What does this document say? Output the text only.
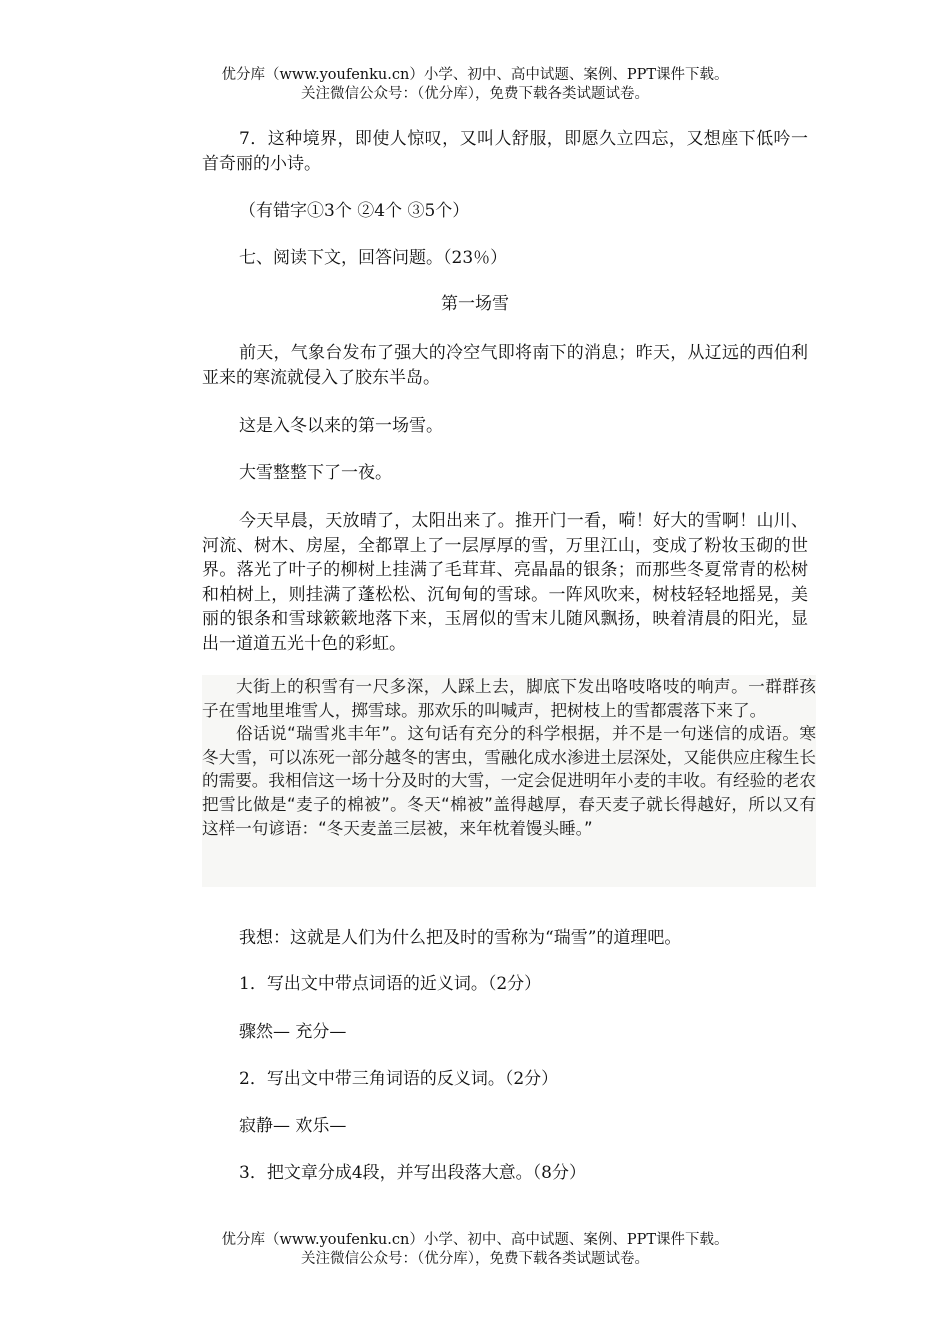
优分库（www.youfenku.cn）小学、初中、高中试题、案例、PPT课件下载。
关注微信公众号：（优分库），免费下载各类试题试卷。

7．这种境界，即使人惊叹，又叫人舒服，即愿久立四忘，又想座下低吟一首奇丽的小诗。

（有错字①3个 ②4个 ③5个）

七、阅读下文，回答问题。（23％）

第一场雪

前天，气象台发布了强大的冷空气即将南下的消息；昨天，从辽远的西伯利亚来的寒流就侵入了胶东半岛。

这是入冬以来的第一场雪。

大雪整整下了一夜。

今天早晨，天放晴了，太阳出来了。推开门一看，嗬！好大的雪啊！山川、河流、树木、房屋，全都罩上了一层厚厚的雪，万里江山，变成了粉妆玉砌的世界。落光了叶子的柳树上挂满了毛茸茸、亮晶晶的银条；而那些冬夏常青的松树和柏树上，则挂满了蓬松松、沉甸甸的雪球。一阵风吹来，树枝轻轻地摇晃，美丽的银条和雪球簌簌地落下来，玉屑似的雪末儿随风飘扬，映着清晨的阳光，显出一道道五光十色的彩虹。

大街上的积雪有一尺多深，人踩上去，脚底下发出咯吱咯吱的响声。一群群孩子在雪地里堆雪人，掷雪球。那欢乐的叫喊声，把树枝上的雪都震落下来了。

俗话说“瑞雪兆丰年”。这句话有充分的科学根据，并不是一句迷信的成语。寒冬大雪，可以冻死一部分越冬的害虫，雪融化成水渗进土层深处，又能供应庄稼生长的需要。我相信这一场十分及时的大雪，一定会促进明年小麦的丰收。有经验的老农把雪比做是“麦子的棉被”。冬天“棉被”盖得越厚，春天麦子就长得越好，所以又有这样一句谚语：“冬天麦盖三层被，来年枕着馒头睡。”

我想：这就是人们为什么把及时的雪称为“瑞雪”的道理吧。

1．写出文中带点词语的近义词。（2分）

骤然— 充分—

2．写出文中带三角词语的反义词。（2分）

寂静— 欢乐—

3．把文章分成4段，并写出段落大意。（8分）

优分库（www.youfenku.cn）小学、初中、高中试题、案例、PPT课件下载。
关注微信公众号：（优分库），免费下载各类试题试卷。
